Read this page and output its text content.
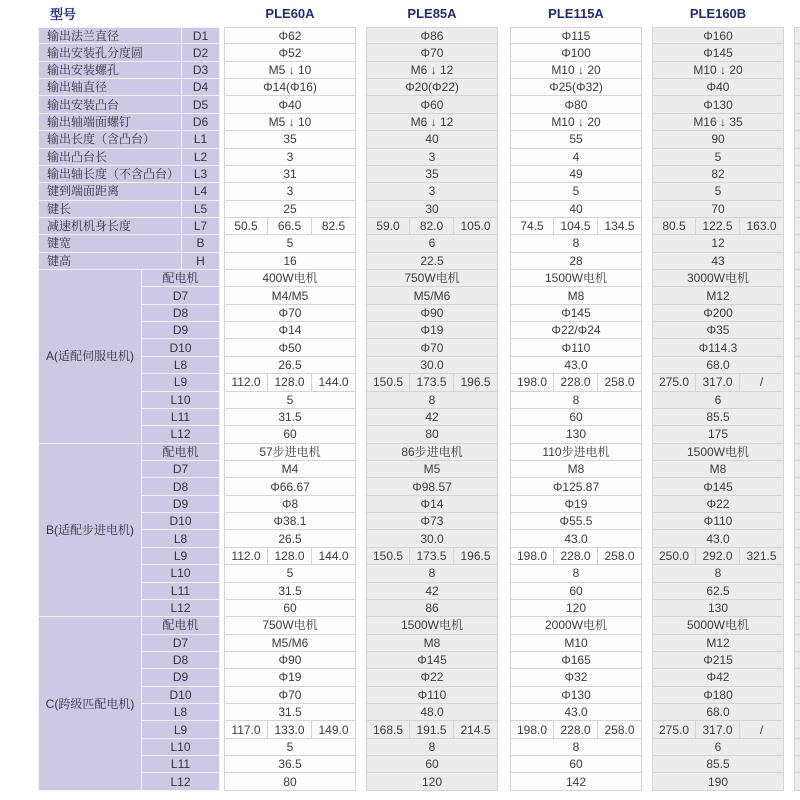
型号	PLE60A	PLE85A	PLE115A	PLE160B
输出法兰直径	D1	Φ62	Φ86	Φ115	Φ160
输出安装孔分度圆	D2	Φ52	Φ70	Φ100	Φ145
输出安装螺孔	D3	M5 ↓ 10	M6 ↓ 12	M10 ↓ 20	M10 ↓ 20
输出轴直径	D4	Φ14(Φ16)	Φ20(Φ22)	Φ25(Φ32)	Φ40
输出安装凸台	D5	Φ40	Φ60	Φ80	Φ130
输出轴端面螺钉	D6	M5 ↓ 10	M6 ↓ 12	M10 ↓ 20	M16 ↓ 35
输出长度（含凸台）	L1	35	40	55	90
输出凸台长	L2	3	3	4	5
输出轴长度（不含凸台）	L3	31	35	49	82
键到端面距离	L4	3	3	5	5
键长	L5	25	30	40	70
减速机机身长度	L7	50.5	66.5	82.5	59.0	82.0	105.0	74.5	104.5	134.5	80.5	122.5	163.0
键宽	B	5	6	8	12
键高	H	16	22.5	28	43
A(适配伺服电机)
配电机	400W电机	750W电机	1500W电机	3000W电机
D7	M4/M5	M5/M6	M8	M12
D8	Φ70	Φ90	Φ145	Φ200
D9	Φ14	Φ19	Φ22/Φ24	Φ35
D10	Φ50	Φ70	Φ110	Φ114.3
L8	26.5	30.0	43.0	68.0
L9	112.0	128.0	144.0	150.5	173.5	196.5	198.0	228.0	258.0	275.0	317.0	/
L10	5	8	8	6
L11	31.5	42	60	85.5
L12	60	80	130	175
B(适配步进电机)
配电机	57步进电机	86步进电机	110步进电机	1500W电机
D7	M4	M5	M8	M8
D8	Φ66.67	Φ98.57	Φ125.87	Φ145
D9	Φ8	Φ14	Φ19	Φ22
D10	Φ38.1	Φ73	Φ55.5	Φ110
L8	26.5	30.0	43.0	43.0
L9	112.0	128.0	144.0	150.5	173.5	196.5	198.0	228.0	258.0	250.0	292.0	321.5
L10	5	8	8	8
L11	31.5	42	60	62.5
L12	60	86	120	130
C(跨级匹配电机)
配电机	750W电机	1500W电机	2000W电机	5000W电机
D7	M5/M6	M8	M10	M12
D8	Φ90	Φ145	Φ165	Φ215
D9	Φ19	Φ22	Φ32	Φ42
D10	Φ70	Φ110	Φ130	Φ180
L8	31.5	48.0	43.0	68.0
L9	117.0	133.0	149.0	168.5	191.5	214.5	198.0	228.0	258.0	275.0	317.0	/
L10	5	8	8	6
L11	36.5	60	60	85.5
L12	80	120	142	190
